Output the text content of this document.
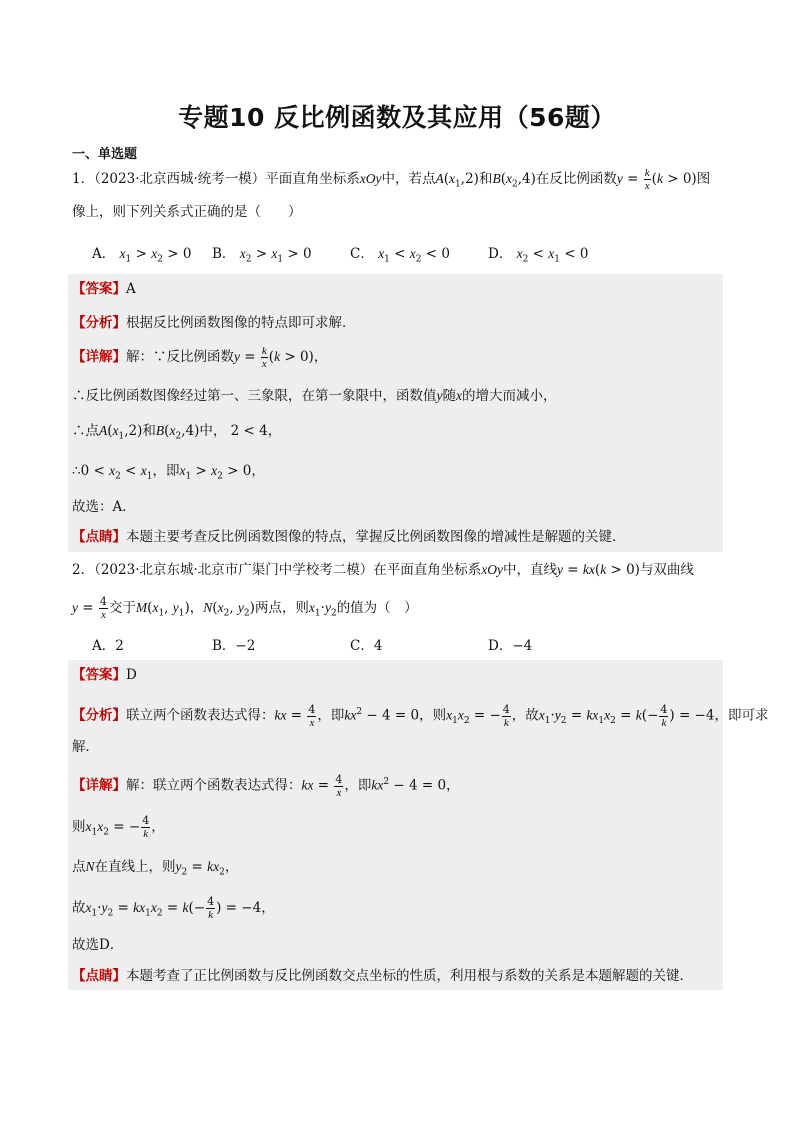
专题10 反比例函数及其应用（56题）
一、单选题
1．（2023·北京西城·统考一模）平面直角坐标系xOy中，若点$A(x_1,2)$和$B(x_2,4)$在反比例函数$y = \frac{k}{x} (k > 0)$图
像上，则下列关系式正确的是（　　）
A． $x_1 > x_2 > 0$ B． $x_2 > x_1 > 0$	C． $x_1 < x_2 < 0$	D． $x_2 < x_1 < 0$
【答案】A
【分析】根据反比例函数图像的特点即可求解．
【详解】解：∵反比例函数$y = \frac{k}{x} (k > 0)$，
∴反比例函数图像经过第一、三象限，在第一象限中，函数值y随x的增大而减小，
∴点$A(x_1,2)$和$B(x_2,4)$中， 2 < 4，
∴0 < $x_2 < x_1$，即$x_1 > x_2 > 0$，
故选：A．
【点睛】本题主要考查反比例函数图像的特点，掌握反比例函数图像的增减性是解题的关键．
2．（2023·北京东城·北京市广渠门中学校考二模）在平面直角坐标系xOy中，直线y = kx(k > 0)与双曲线
$y = \frac{4}{x}$ 交于$M(x_1$, $y_1$)，$N(x_2$, $y_2$)两点，则$x_1\cdot y_2$的值为（　）
A．2	B．−2	C．4	D．−4
【答案】D
【分析】联立两个函数表达式得：kx = $\frac{4}{x}$ ，即$kx^2 - 4 = 0$，则$x_1x_2$ = − $\frac{4}{k}$ ，故$x_1\cdot y_2 = kx_1x_2 = k(- \frac{4}{k}$ ) = −4，即可求
解．
【详解】解：联立两个函数表达式得：kx = $\frac{4}{x}$ ，即$kx^2 - 4 = 0$，
则$x_1x_2$ = − $\frac{4}{k}$ ，
点N在直线上，则$y_2 = kx_2$，
故$x_1\cdot y_2 = kx_1x_2 = k(- \frac{4}{k}$ ) = −4，
故选D．
【点睛】本题考查了正比例函数与反比例函数交点坐标的性质，利用根与系数的关系是本题解题的关键．
